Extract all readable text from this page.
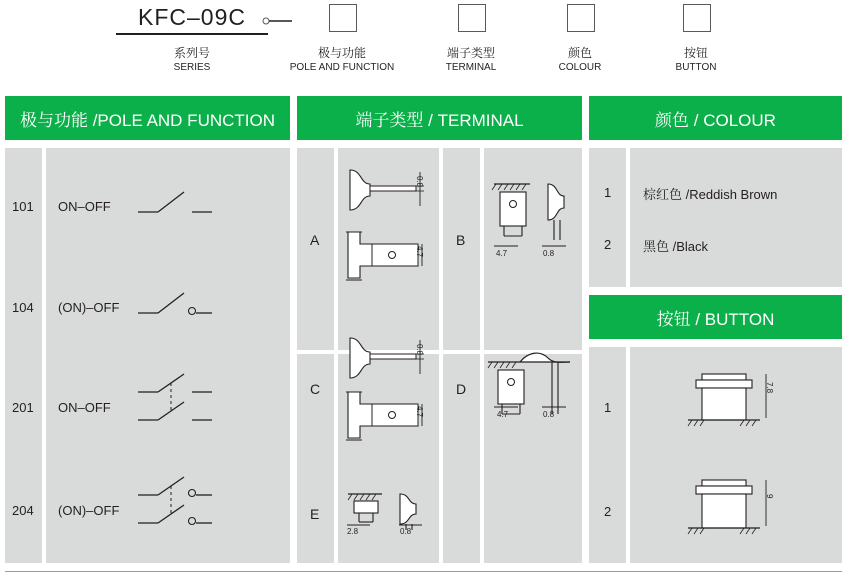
KFC–09C
系列号
SERIES
极与功能
POLE AND FUNCTION
端子类型
TERMINAL
颜色
COLOUR
按钮
BUTTON
极与功能 /POLE AND FUNCTION	端子类型 / TERMINAL	颜色 / COLOUR
按钮 / BUTTON
101 ON–OFF
104 (ON)–OFF
201 ON–OFF
204 (ON)–OFF
A	B
C	D
E
0.8
4.7	4.7	0.8
0.8
4.7	4.7	0.8
2.8	0.8
1 棕红色 /Reddish Brown
2 黑色 /Black
1
2
7.8
9
